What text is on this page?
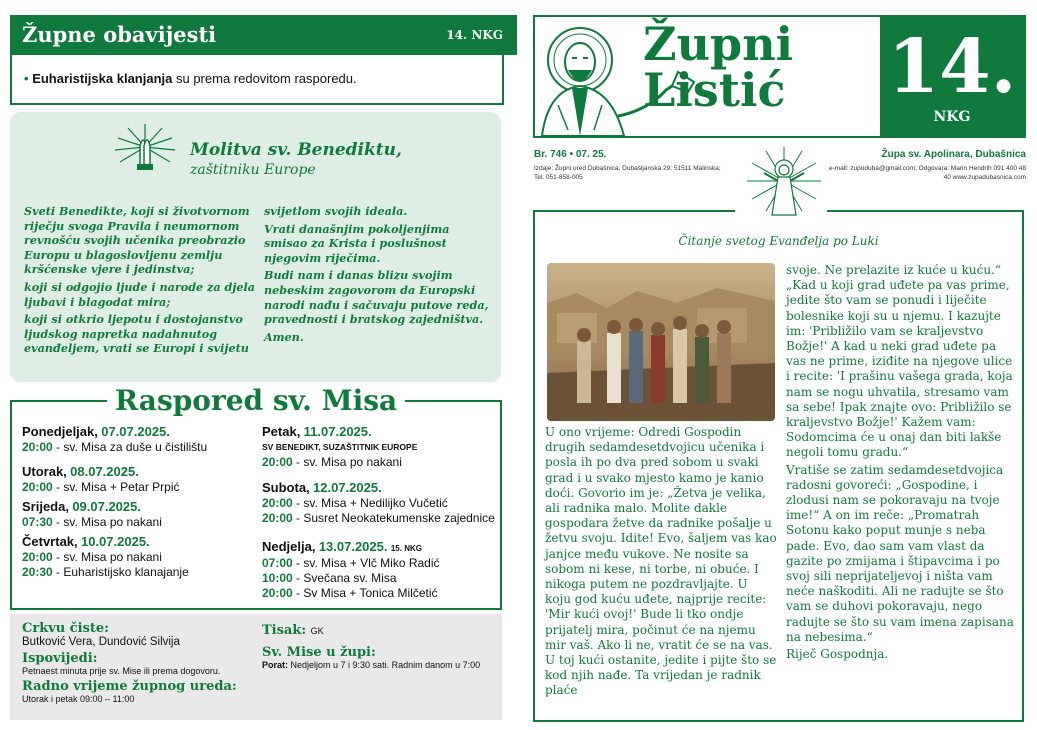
Župne obavijesti	14. NKG
• Euharistijska klanjanja su prema redovitom rasporedu.
Molitva sv. Benediktu,
zaštitniku Europe

Sveti Benedikte, koji si životvornom riječju svoga Pravila i neumornom revnošću svojih učenika preobrazio Europu u blagoslovljenu zemlju kršćenske vjere i jedinstva;

koji si odgojio ljude i narode za djela ljubavi i blagodat mira;

koji si otkrio ljepotu i dostojanstvo ljudskog napretka nadahnutog evanđeljem, vrati se Europi i svijetu

svijetlom svojih ideala.

Vrati današnjim pokoljenjima smisao za Krista i poslušnost njegovim riječima.

Budi nam i danas blizu svojim nebeskim zagovorom da Europski narodi nađu i sačuvaju putove reda, pravednosti i bratskog zajedništva.

Amen.

Raspored sv. Misa
Ponedjeljak, 07.07.2025.
20:00 - sv. Misa za duše u čistilištu
Utorak, 08.07.2025.
20:00 - sv. Misa + Petar Prpić
Srijeda, 09.07.2025.
07:30 - sv. Misa po nakani
Četvrtak, 10.07.2025.
20:00 - sv. Misa po nakani
20:30 - Euharistijsko klanajanje
Petak, 11.07.2025.
SV BENEDIKT, SUZAŠTITNIK EUROPE
20:00 - sv. Misa po nakani
Subota, 12.07.2025.
20:00 - sv. Misa + Nedilijko Vučetić
20:00 - Susret Neokatekumenske zajednice
Nedjelja, 13.07.2025. 15. NKG
07:00 - sv. Misa + Vlč Miko Radić
10:00 - Svečana sv. Misa
20:00 - Sv Misa + Tonica Milčetić
Crkvu čiste:
Butković Vera, Dundović Silvija
Ispovijedi:
Petnaest minuta prije sv. Mise ili prema dogovoru.
Radno vrijeme župnog ureda:
Utorak i petak 09:00 – 11:00
Tisak: GK
Sv. Mise u župi:
Porat: Nedjeljom u 7 i 9:30 sati. Radnim danom u 7:00
Župni
Listić 14.
NKG
Br. 746 • 07. 25.
Izdaje: Župni ured Dubašnica, Dubašljanska 29; 51511 Malinska; Tel. 051-858-005
Župa sv. Apolinara, Dubašnica
e-mail: zupuduba@gmail.com; Odgovara: Marin Hendrih 091 400 48 40 www.zupadubasnica.com
Čitanje svetog Evanđelja po Luki
U ono vrijeme: Odredi Gospodin drugih sedamdesetdvojicu učenika i posla ih po dva pred sobom u svaki grad i u svako mjesto kamo je kanio doći. Govorio im je: „Žetva je velika, ali radnika malo. Molite dakle gospodara žetve da radnike pošalje u žetvu svoju. Idite! Evo, šaljem vas kao janjce među vukove. Ne nosite sa sobom ni kese, ni torbe, ni obuće. I nikoga putem ne pozdravljajte. U koju god kuću uđete, najprije recite: 'Mir kući ovoj!' Bude li tko ondje prijatelj mira, počinut će na njemu mir vaš. Ako li ne, vratit će se na vas. U toj kući ostanite, jedite i pijte što se kod njih nađe. Ta vrijedan je radnik plaće

svoje. Ne prelazite iz kuće u kuću.“ „Kad u koji grad uđete pa vas prime, jedite što vam se ponudi i liječite bolesnike koji su u njemu. I kazujte im: 'Približilo vam se kraljevstvo Božje!' A kad u neki grad uđete pa vas ne prime, iziđite na njegove ulice i recite: 'I prašinu vašega grada, koja nam se nogu uhvatila, stresamo vam sa sebe! Ipak znajte ovo: Približilo se kraljevstvo Božje!' Kažem vam: Sodomcima će u onaj dan biti lakše negoli tomu gradu.“

Vratiše se zatim sedamdesetdvojica radosni govoreći: „Gospodine, i zlodusi nam se pokoravaju na tvoje ime!“ A on im reče: „Promatrah Sotonu kako poput munje s neba pade. Evo, dao sam vam vlast da gazite po zmijama i štipavcima i po svoj sili neprijateljevoj i ništa vam neće naškoditi. Ali ne radujte se što vam se duhovi pokoravaju, nego radujte se što su vam imena zapisana na nebesima.“

Riječ Gospodnja.
